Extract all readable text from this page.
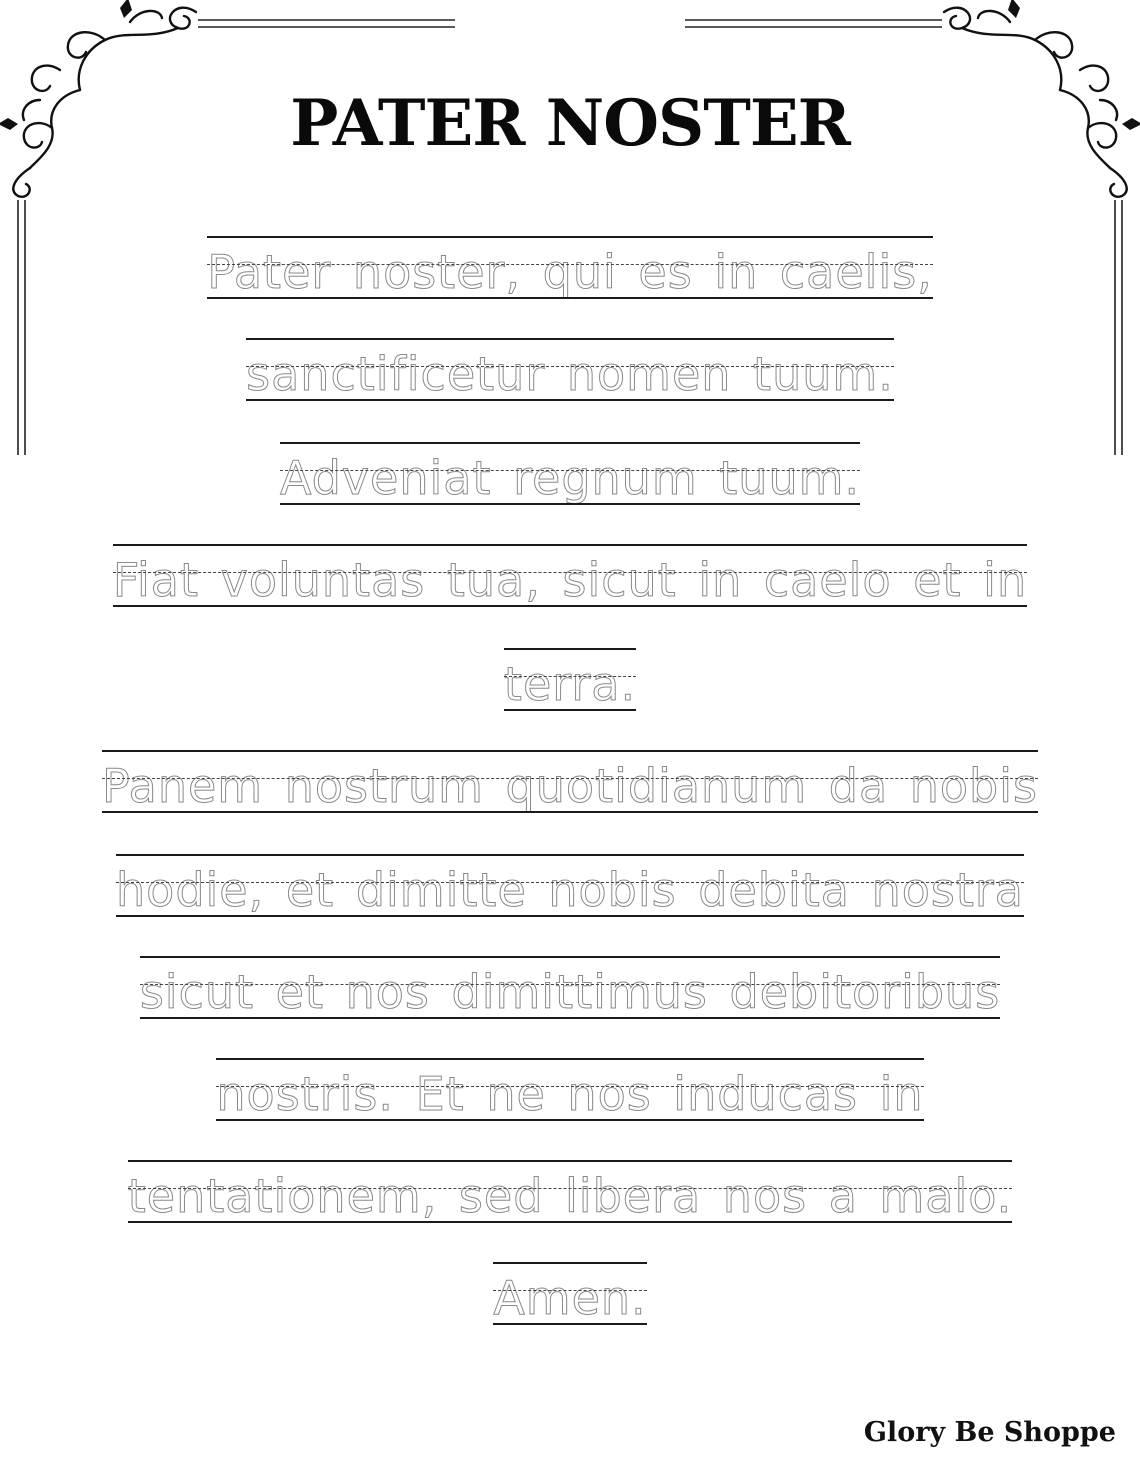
PATER NOSTER
Pater noster, qui es in caelis,
sanctificetur nomen tuum.
Adveniat regnum tuum.
Fiat voluntas tua, sicut in caelo et in
terra.
Panem nostrum quotidianum da nobis
hodie, et dimitte nobis debita nostra
sicut et nos dimittimus debitoribus
nostris. Et ne nos inducas in
tentationem, sed libera nos a malo.
Amen.

Glory Be Shoppe
